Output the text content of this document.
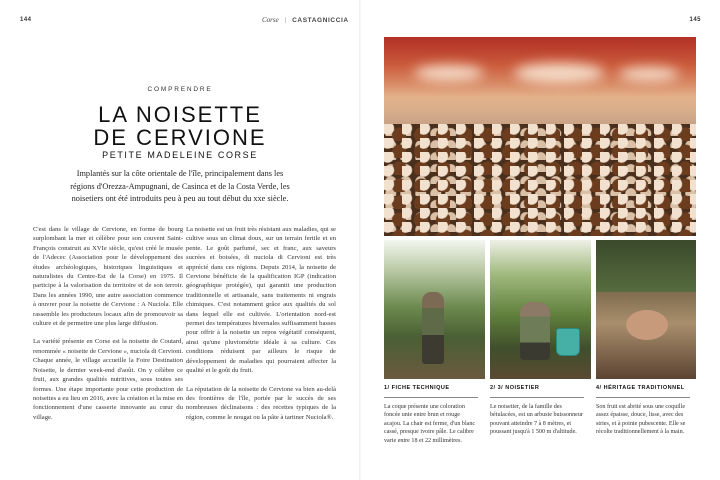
144	Corse | CASTAGNICCIA
COMPRENDRE
LA NOISETTE
DE CERVIONE
PETITE MADELEINE CORSE
Implantés sur la côte orientale de l'île, principalement dans les régions d'Orezza-Ampugnani, de Casinca et de la Costa Verde, les noisetiers ont été introduits peu à peu au tout début du xxe siècle.

C'est dans le village de Cervione, en forme de bourg surplombant la mer et célèbre pour son couvent Saint-François construit au XVIe siècle, qu'est créé le musée de l'Adecec (Association pour le développement des études archéologiques, historiques linguistiques et naturalistes du Centre-Est de la Corse) en 1975. Il participe à la valorisation du territoire et de son terroir. Dans les années 1990, une autre association commence à œuvrer pour la noisette de Cervione : A Nuciola. Elle rassemble les producteurs locaux afin de promouvoir sa culture et de permettre une plus large diffusion.

La variété présente en Corse est la noisette de Coutard, renommée « noisette de Cervione », nuciola di Cervioni. Chaque année, le village accueille la Foire Destination Noisette, le dernier week-end d'août. On y célèbre ce fruit, aux grandes qualités nutritives, sous toutes ses formes. Une étape importante pour cette production de noisettes a eu lieu en 2016, avec la création et la mise en fonctionnement d'une casserie innovante au cœur du village.

La noisette est un fruit très résistant aux maladies, qui se cultive sous un climat doux, sur un terrain fertile et en pente. Le goût parfumé, sec et franc, aux saveurs sucrées et boisées, di nuciola di Cervioni est très apprécié dans ces régions. Depuis 2014, la noisette de Cervione bénéficie de la qualification IGP (indication géographique protégée), qui garantit une production traditionnelle et artisanale, sans traitements ni engrais chimiques. C'est notamment grâce aux qualités du sol dans lequel elle est cultivée. L'orientation nord-est permet des températures hivernales suffisamment basses pour offrir à la noisette un repos végétatif conséquent, ainsi qu'une pluviométrie idéale à sa culture. Ces conditions réduisent par ailleurs le risque de développement de maladies qui pourraient affecter la qualité et le goût du fruit.

La réputation de la noisette de Cervione va bien au-delà des frontières de l'île, portée par le succès de ses nombreuses déclinaisons : des recettes typiques de la région, comme le nougat ou la pâte à tartiner Nuciola®.

145
1/ FICHE TECHNIQUE
La coque présente une coloration foncée unie entre brun et rouge acajou. La chair est ferme, d'un blanc cassé, presque ivoire pâle. Le calibre varie entre 18 et 22 millimètres.
2/ 3/ NOISETIER
Le noisetier, de la famille des bétulacées, est un arbuste buissonneur pouvant atteindre 7 à 8 mètres, et poussant jusqu'à 1 500 m d'altitude.
4/ HÉRITAGE TRADITIONNEL
Son fruit est abrité sous une coquille assez épaisse, douce, lisse, avec des stries, et à pointe pubescente. Elle se récolte traditionnellement à la main.
